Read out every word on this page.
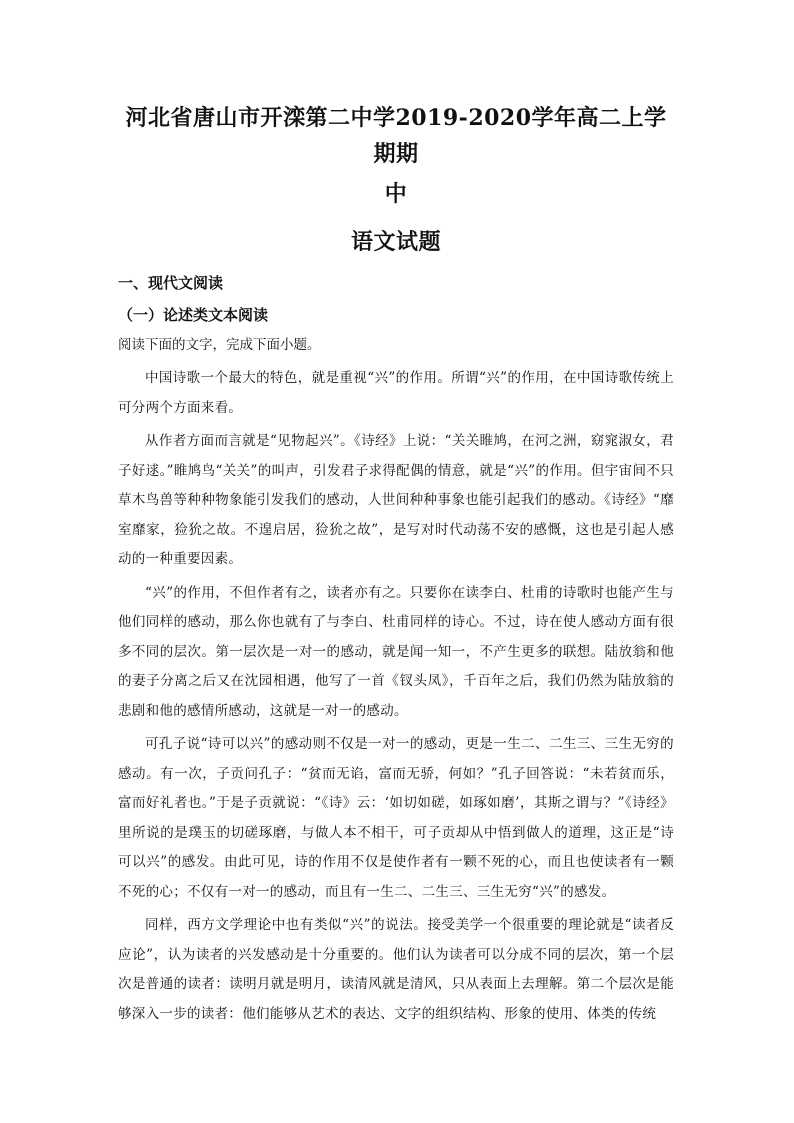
河北省唐山市开滦第二中学2019-2020学年高二上学期期

中

语文试题

一、现代文阅读

（一）论述类文本阅读

阅读下面的文字，完成下面小题。

中国诗歌一个最大的特色，就是重视“兴”的作用。所谓“兴”的作用，在中国诗歌传统上可分两个方面来看。

从作者方面而言就是“见物起兴”。《诗经》上说：“关关睢鸠，在河之洲，窈窕淑女，君子好逑。”睢鸠鸟“关关”的叫声，引发君子求得配偶的情意，就是“兴”的作用。但宇宙间不只草木鸟兽等种种物象能引发我们的感动，人世间种种事象也能引起我们的感动。《诗经》“靡室靡家，猃狁之故。不遑启居，猃狁之故”，是写对时代动荡不安的感慨，这也是引起人感动的一种重要因素。

“兴”的作用，不但作者有之，读者亦有之。只要你在读李白、杜甫的诗歌时也能产生与他们同样的感动，那么你也就有了与李白、杜甫同样的诗心。不过，诗在使人感动方面有很多不同的层次。第一层次是一对一的感动，就是闻一知一，不产生更多的联想。陆放翁和他的妻子分离之后又在沈园相遇，他写了一首《钗头凤》，千百年之后，我们仍然为陆放翁的悲剧和他的感情所感动，这就是一对一的感动。

可孔子说“诗可以兴”的感动则不仅是一对一的感动，更是一生二、二生三、三生无穷的感动。有一次，子贡问孔子：“贫而无谄，富而无骄，何如？”孔子回答说：“未若贫而乐，富而好礼者也。”于是子贡就说：“《诗》云：‘如切如磋，如琢如磨’，其斯之谓与？”《诗经》里所说的是璞玉的切磋琢磨，与做人本不相干，可子贡却从中悟到做人的道理，这正是“诗可以兴”的感发。由此可见，诗的作用不仅是使作者有一颗不死的心，而且也使读者有一颗不死的心；不仅有一对一的感动，而且有一生二、二生三、三生无穷“兴”的感发。

同样，西方文学理论中也有类似“兴”的说法。接受美学一个很重要的理论就是“读者反应论”，认为读者的兴发感动是十分重要的。他们认为读者可以分成不同的层次，第一个层次是普通的读者：读明月就是明月，读清风就是清风，只从表面上去理解。第二个层次是能够深入一步的读者：他们能够从艺术的表达、文字的组织结构、形象的使用、体类的传统
